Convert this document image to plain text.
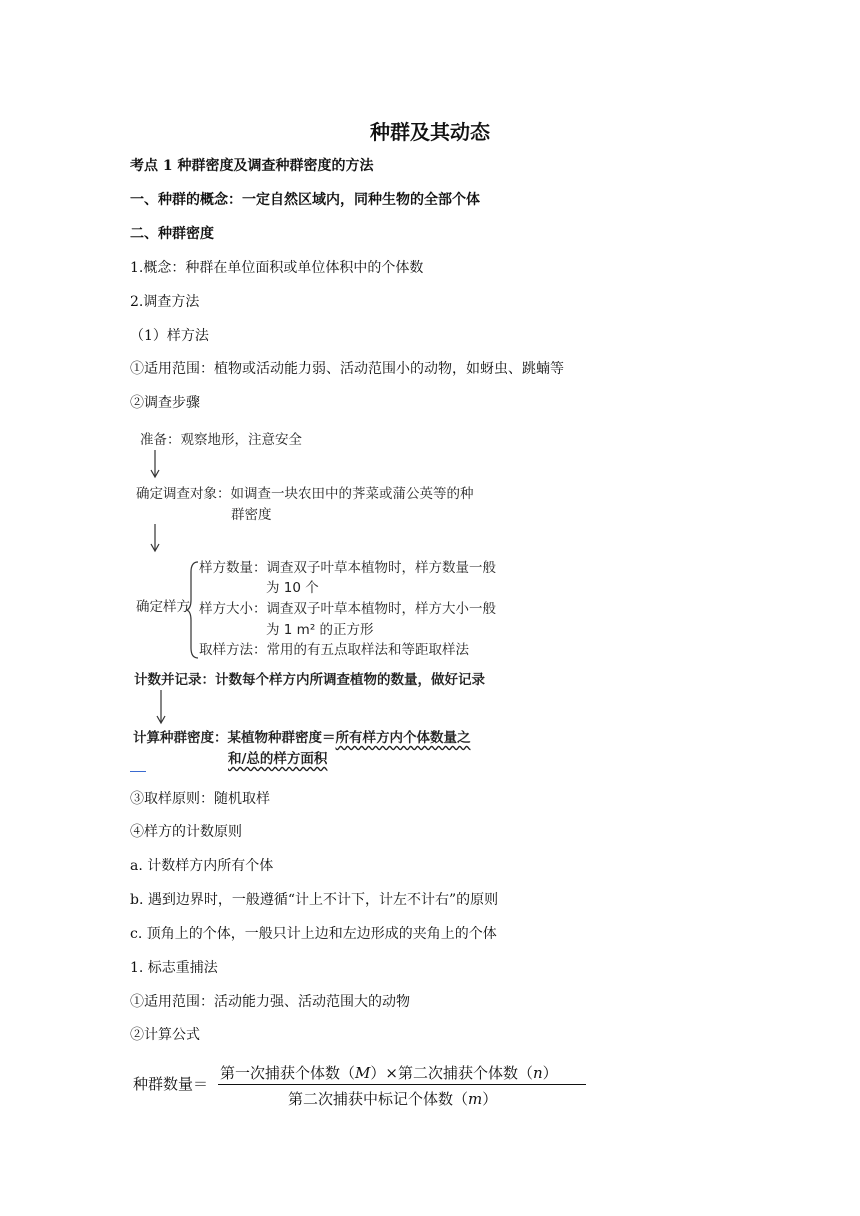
种群及其动态
考点 1 种群密度及调查种群密度的方法
一、种群的概念：一定自然区域内，同种生物的全部个体
二、种群密度
1.概念：种群在单位面积或单位体积中的个体数
2.调查方法
（1）样方法
①适用范围：植物或活动能力弱、活动范围小的动物，如蚜虫、跳蝻等
②调查步骤
准备：观察地形，注意安全
确定调查对象：如调查一块农田中的荠菜或蒲公英等的种
群密度
确定样方
样方数量：调查双子叶草本植物时，样方数量一般
为 10 个
样方大小：调查双子叶草本植物时，样方大小一般
为 1 m² 的正方形
取样方法：常用的有五点取样法和等距取样法
计数并记录：计数每个样方内所调查植物的数量，做好记录
计算种群密度：某植物种群密度＝所有样方内个体数量之
和/总的样方面积
③取样原则：随机取样
④样方的计数原则
a. 计数样方内所有个体
b. 遇到边界时，一般遵循“计上不计下，计左不计右”的原则
c. 顶角上的个体，一般只计上边和左边形成的夹角上的个体
1. 标志重捕法
①适用范围：活动能力强、活动范围大的动物
②计算公式
种群数量＝
第一次捕获个体数（M）×第二次捕获个体数（n）
第二次捕获中标记个体数（m）
